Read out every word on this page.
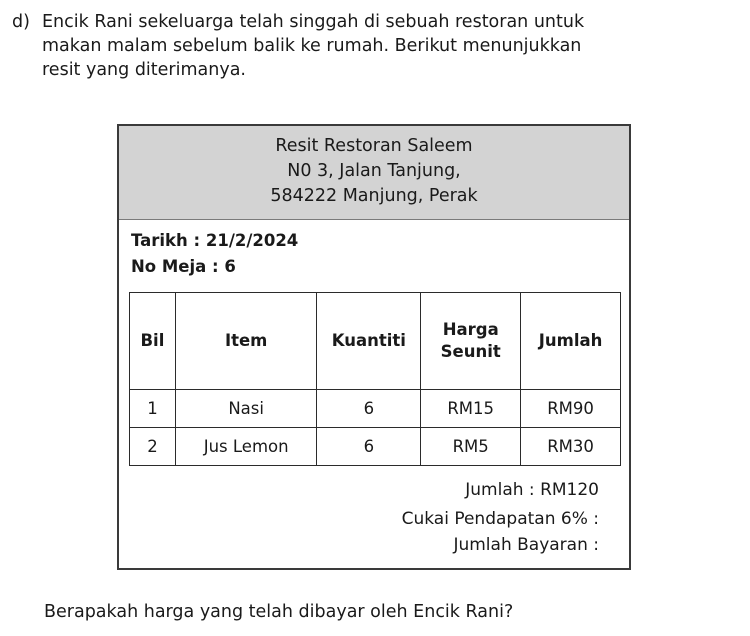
d) Encik Rani sekeluarga telah singgah di sebuah restoran untuk
makan malam sebelum balik ke rumah. Berikut menunjukkan
resit yang diterimanya.
Resit Restoran Saleem
N0 3, Jalan Tanjung,
584222 Manjung, Perak
Tarikh : 21/2/2024
No Meja : 6
Bil	Item	Kuantiti	Harga Seunit	Jumlah
1	Nasi	6	RM15	RM90
2	Jus Lemon	6	RM5	RM30
Jumlah : RM120
Cukai Pendapatan 6% :
Jumlah Bayaran :
Berapakah harga yang telah dibayar oleh Encik Rani?
